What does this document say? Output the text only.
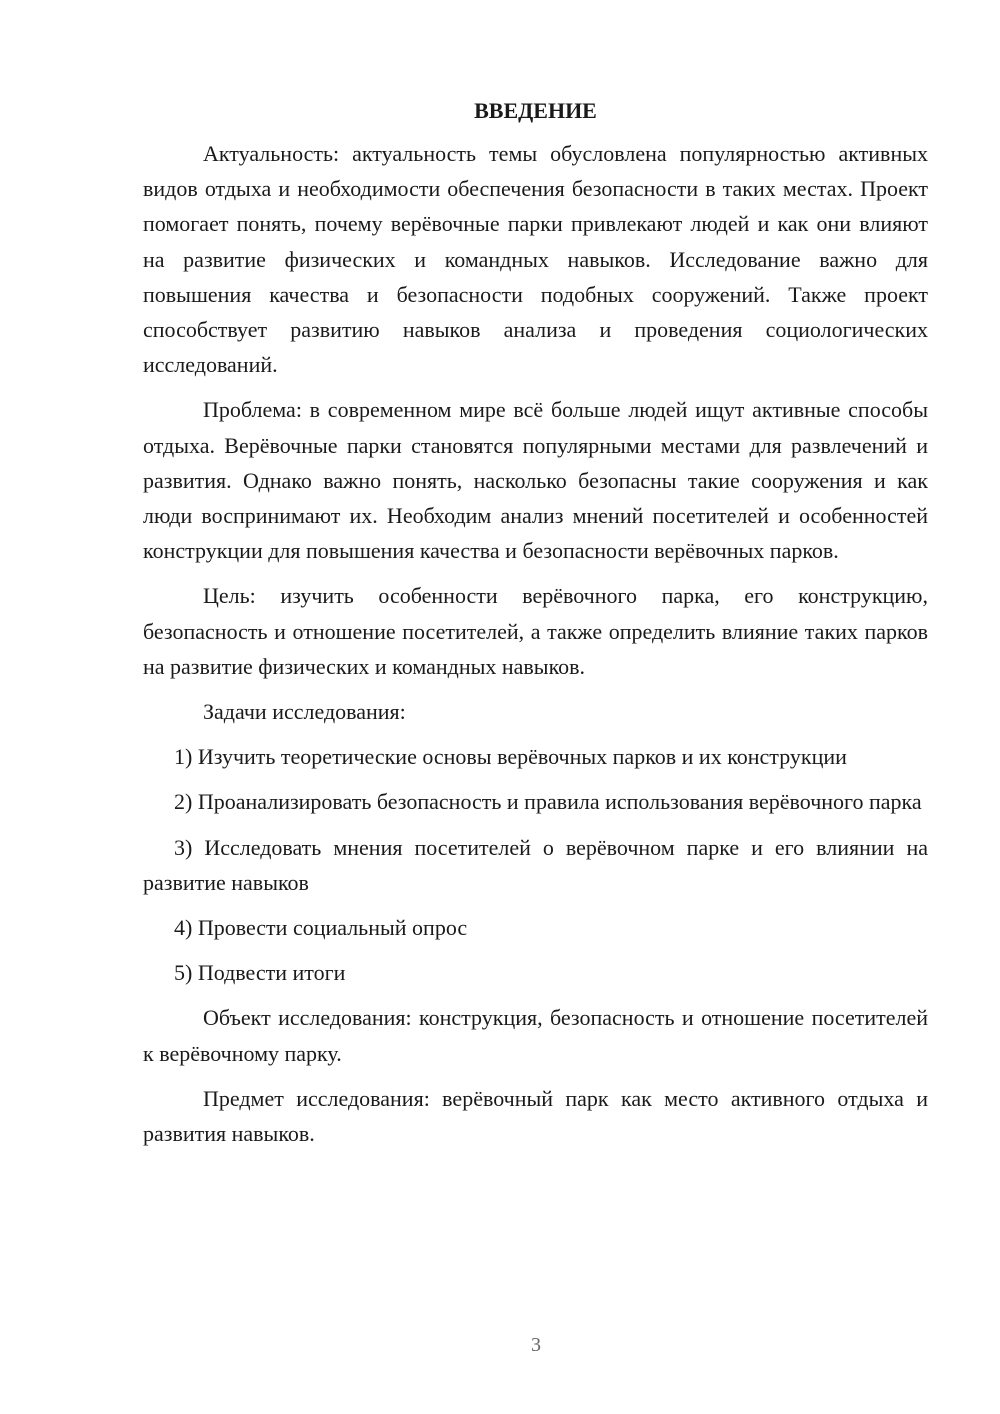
ВВЕДЕНИЕ

Актуальность: актуальность темы обусловлена популярностью активных видов отдыха и необходимости обеспечения безопасности в таких местах. Проект помогает понять, почему верёвочные парки привлекают людей и как они влияют на развитие физических и командных навыков. Исследование важно для повышения качества и безопасности подобных сооружений. Также проект способствует развитию навыков анализа и проведения социологических исследований.

Проблема: в современном мире всё больше людей ищут активные способы отдыха. Верёвочные парки становятся популярными местами для развлечений и развития. Однако важно понять, насколько безопасны такие сооружения и как люди воспринимают их. Необходим анализ мнений посетителей и особенностей конструкции для повышения качества и безопасности верёвочных парков.

Цель: изучить особенности верёвочного парка, его конструкцию, безопасность и отношение посетителей, а также определить влияние таких парков на развитие физических и командных навыков.

Задачи исследования:

1) Изучить теоретические основы верёвочных парков и их конструкции

2) Проанализировать безопасность и правила использования верёвочного парка

3) Исследовать мнения посетителей о верёвочном парке и его влиянии на развитие навыков

4) Провести социальный опрос

5) Подвести итоги

Объект исследования: конструкция, безопасность и отношение посетителей к верёвочному парку.

Предмет исследования: верёвочный парк как место активного отдыха и развития навыков.

3
